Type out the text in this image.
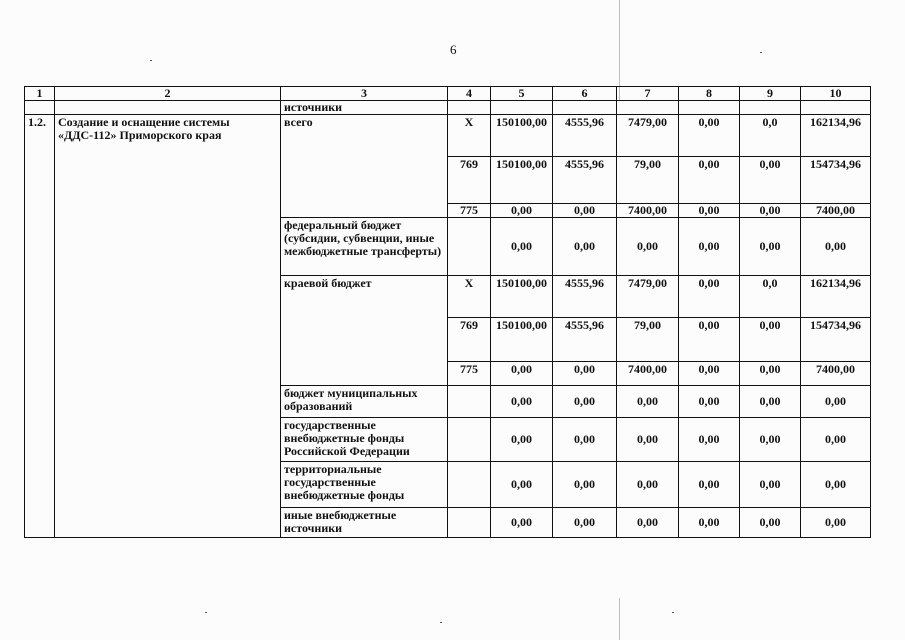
6
1	2	3	4	5	6	7	8	9	10
		источники							
1.2.	Создание и оснащение системы «ДДС-112» Приморского края	всего	X	150100,0​0	4555,96	7479,00	0,00	0,0	162134,96
			769	150100,0​0	4555,96	79,00	0,00	0,00	154734,96
			775	0,00	0,00	7400,00	0,00	0,00	7400,00
		федеральный бюджет (субсидии, субвенции, иные межбюджетные трансферты)		0,00	0,00	0,00	0,00	0,00	0,00
		краевой бюджет	X	150100,0​0	4555,96	7479,00	0,00	0,0	162134,96
			769	150100,0​0	4555,96	79,00	0,00	0,00	154734,96
			775	0,00	0,00	7400,00	0,00	0,00	7400,00
		бюджет муниципальных образований		0,00	0,00	0,00	0,00	0,00	0,00
		государственные внебюджетные фонды Российской Федерации		0,00	0,00	0,00	0,00	0,00	0,00
		территориальные государственные внебюджетные фонды		0,00	0,00	0,00	0,00	0,00	0,00
		иные внебюджетные источники		0,00	0,00	0,00	0,00	0,00	0,00
